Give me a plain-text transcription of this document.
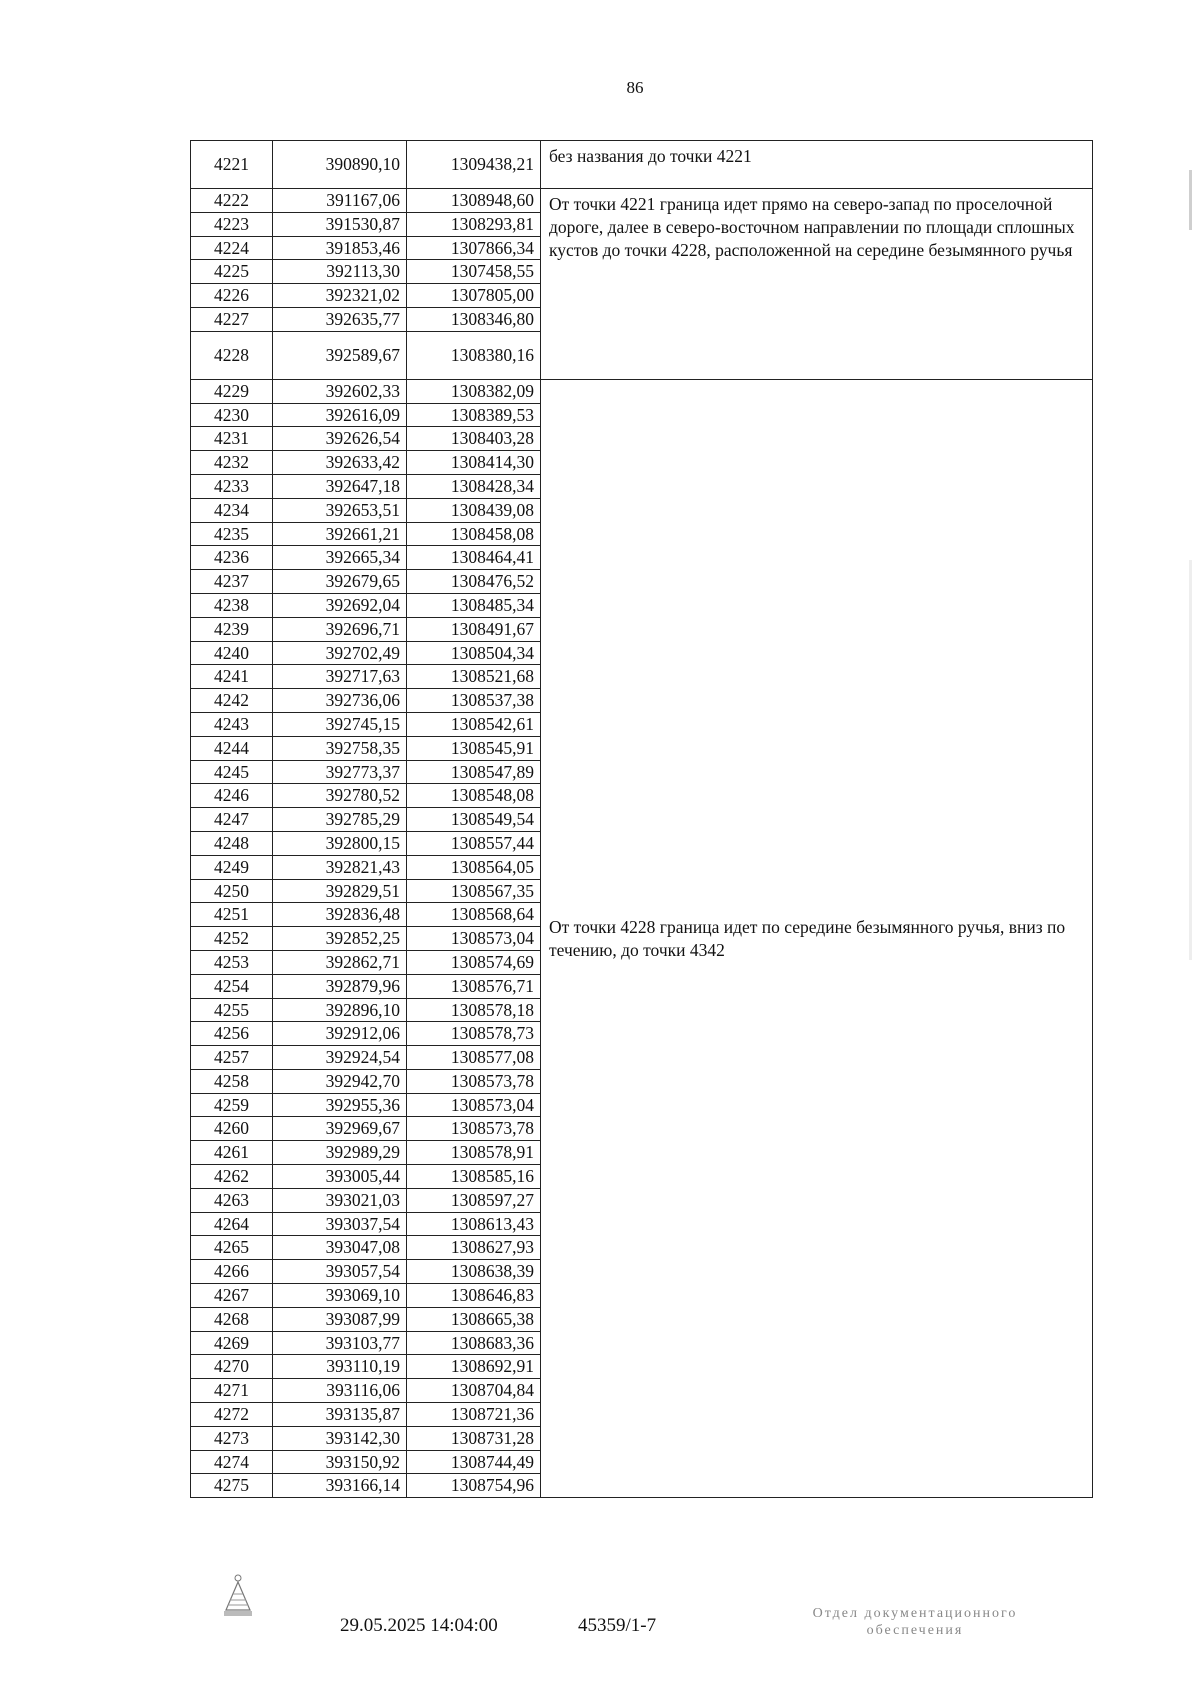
86
4221	390890,10	1309438,21	без названия до точки 4221
4222	391167,06	1308948,60	От точки 4221 граница идет прямо на северо-запад по проселочной дороге, далее в северо-восточном направлении по площади сплошных кустов до точки 4228, расположенной на середине безымянного ручья
4223	391530,87	1308293,81	
4224	391853,46	1307866,34	
4225	392113,30	1307458,55	
4226	392321,02	1307805,00	
4227	392635,77	1308346,80	
4228	392589,67	1308380,16	
4229	392602,33	1308382,09	От точки 4228 граница идет по середине безымянного ручья, вниз по течению, до точки 4342
4230	392616,09	1308389,53	
4231	392626,54	1308403,28	
4232	392633,42	1308414,30	
4233	392647,18	1308428,34	
4234	392653,51	1308439,08	
4235	392661,21	1308458,08	
4236	392665,34	1308464,41	
4237	392679,65	1308476,52	
4238	392692,04	1308485,34	
4239	392696,71	1308491,67	
4240	392702,49	1308504,34	
4241	392717,63	1308521,68	
4242	392736,06	1308537,38	
4243	392745,15	1308542,61	
4244	392758,35	1308545,91	
4245	392773,37	1308547,89	
4246	392780,52	1308548,08	
4247	392785,29	1308549,54	
4248	392800,15	1308557,44	
4249	392821,43	1308564,05	
4250	392829,51	1308567,35	
4251	392836,48	1308568,64	
4252	392852,25	1308573,04	
4253	392862,71	1308574,69	
4254	392879,96	1308576,71	
4255	392896,10	1308578,18	
4256	392912,06	1308578,73	
4257	392924,54	1308577,08	
4258	392942,70	1308573,78	
4259	392955,36	1308573,04	
4260	392969,67	1308573,78	
4261	392989,29	1308578,91	
4262	393005,44	1308585,16	
4263	393021,03	1308597,27	
4264	393037,54	1308613,43	
4265	393047,08	1308627,93	
4266	393057,54	1308638,39	
4267	393069,10	1308646,83	
4268	393087,99	1308665,38	
4269	393103,77	1308683,36	
4270	393110,19	1308692,91	
4271	393116,06	1308704,84	
4272	393135,87	1308721,36	
4273	393142,30	1308731,28	
4274	393150,92	1308744,49	
4275	393166,14	1308754,96	
29.05.2025 14:04:00	45359/1-7
Отдел документационного
обеспечения
